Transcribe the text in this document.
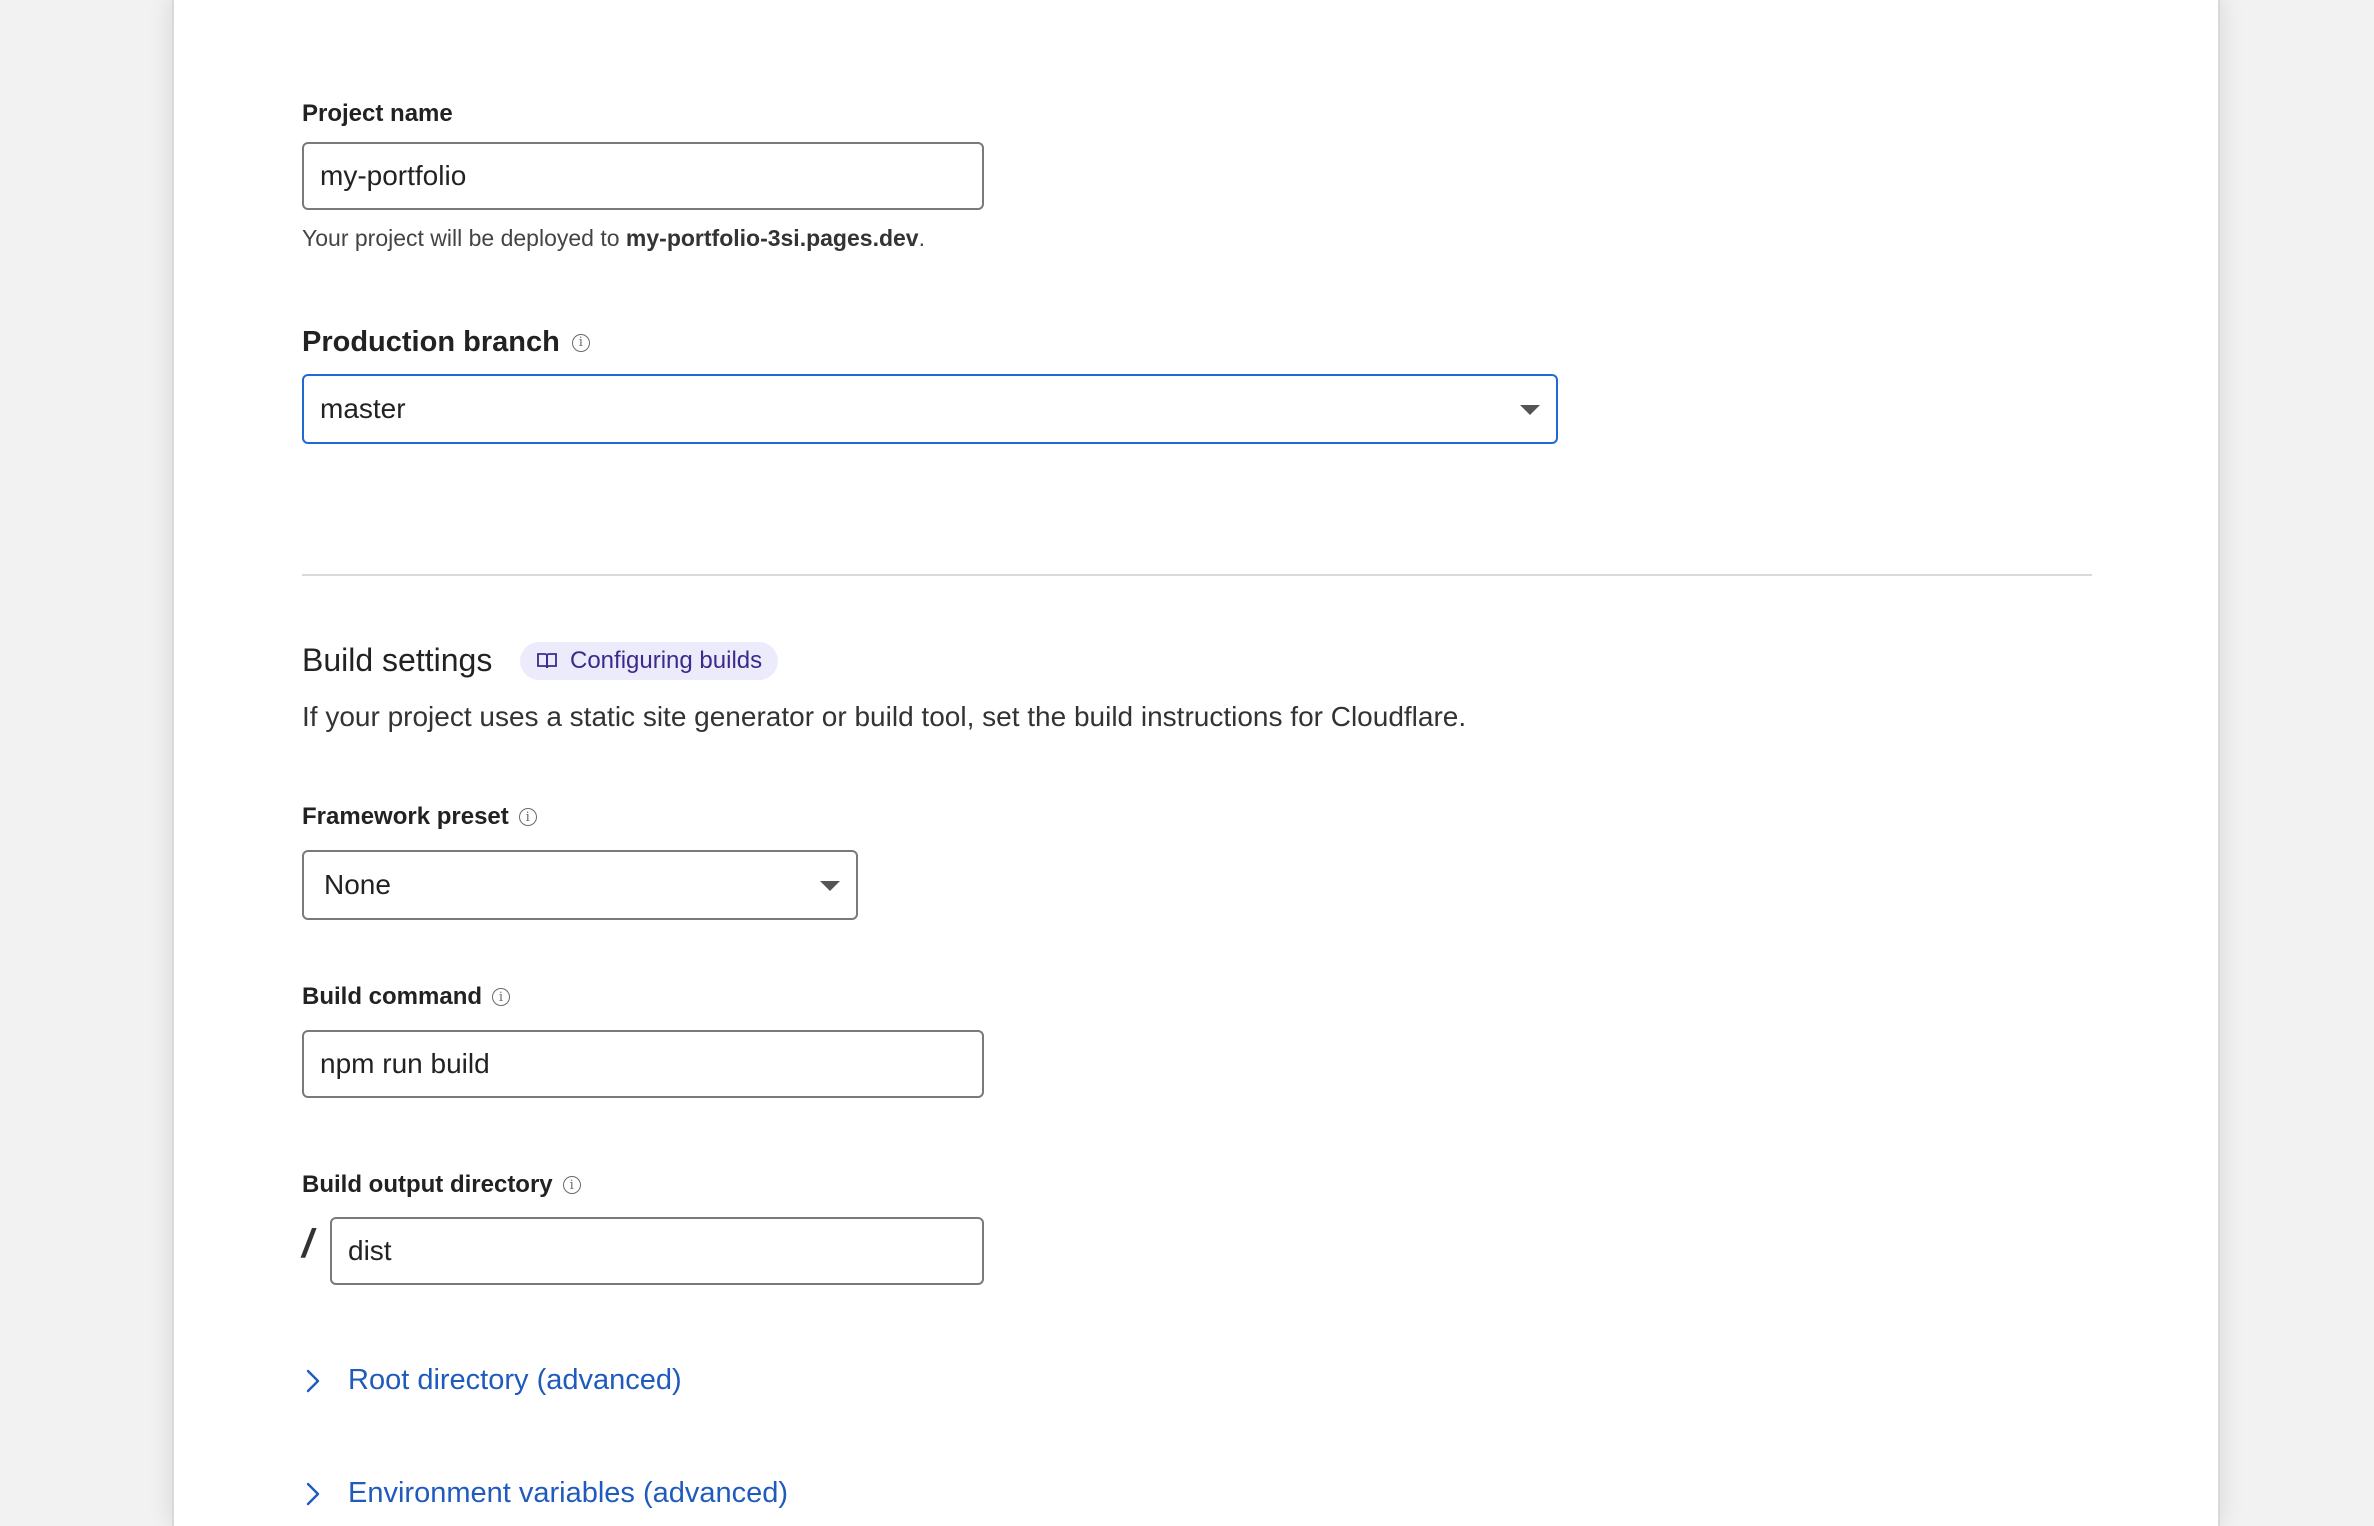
Project name
my-portfolio
Your project will be deployed to my-portfolio-3si.pages.dev.
Production branch	i
master
Build settings	Configuring builds
If your project uses a static site generator or build tool, set the build instructions for Cloudflare.
Framework preset	i
None
Build command	i
npm run build
Build output directory	i
/ dist
Root directory (advanced)
Environment variables (advanced)
